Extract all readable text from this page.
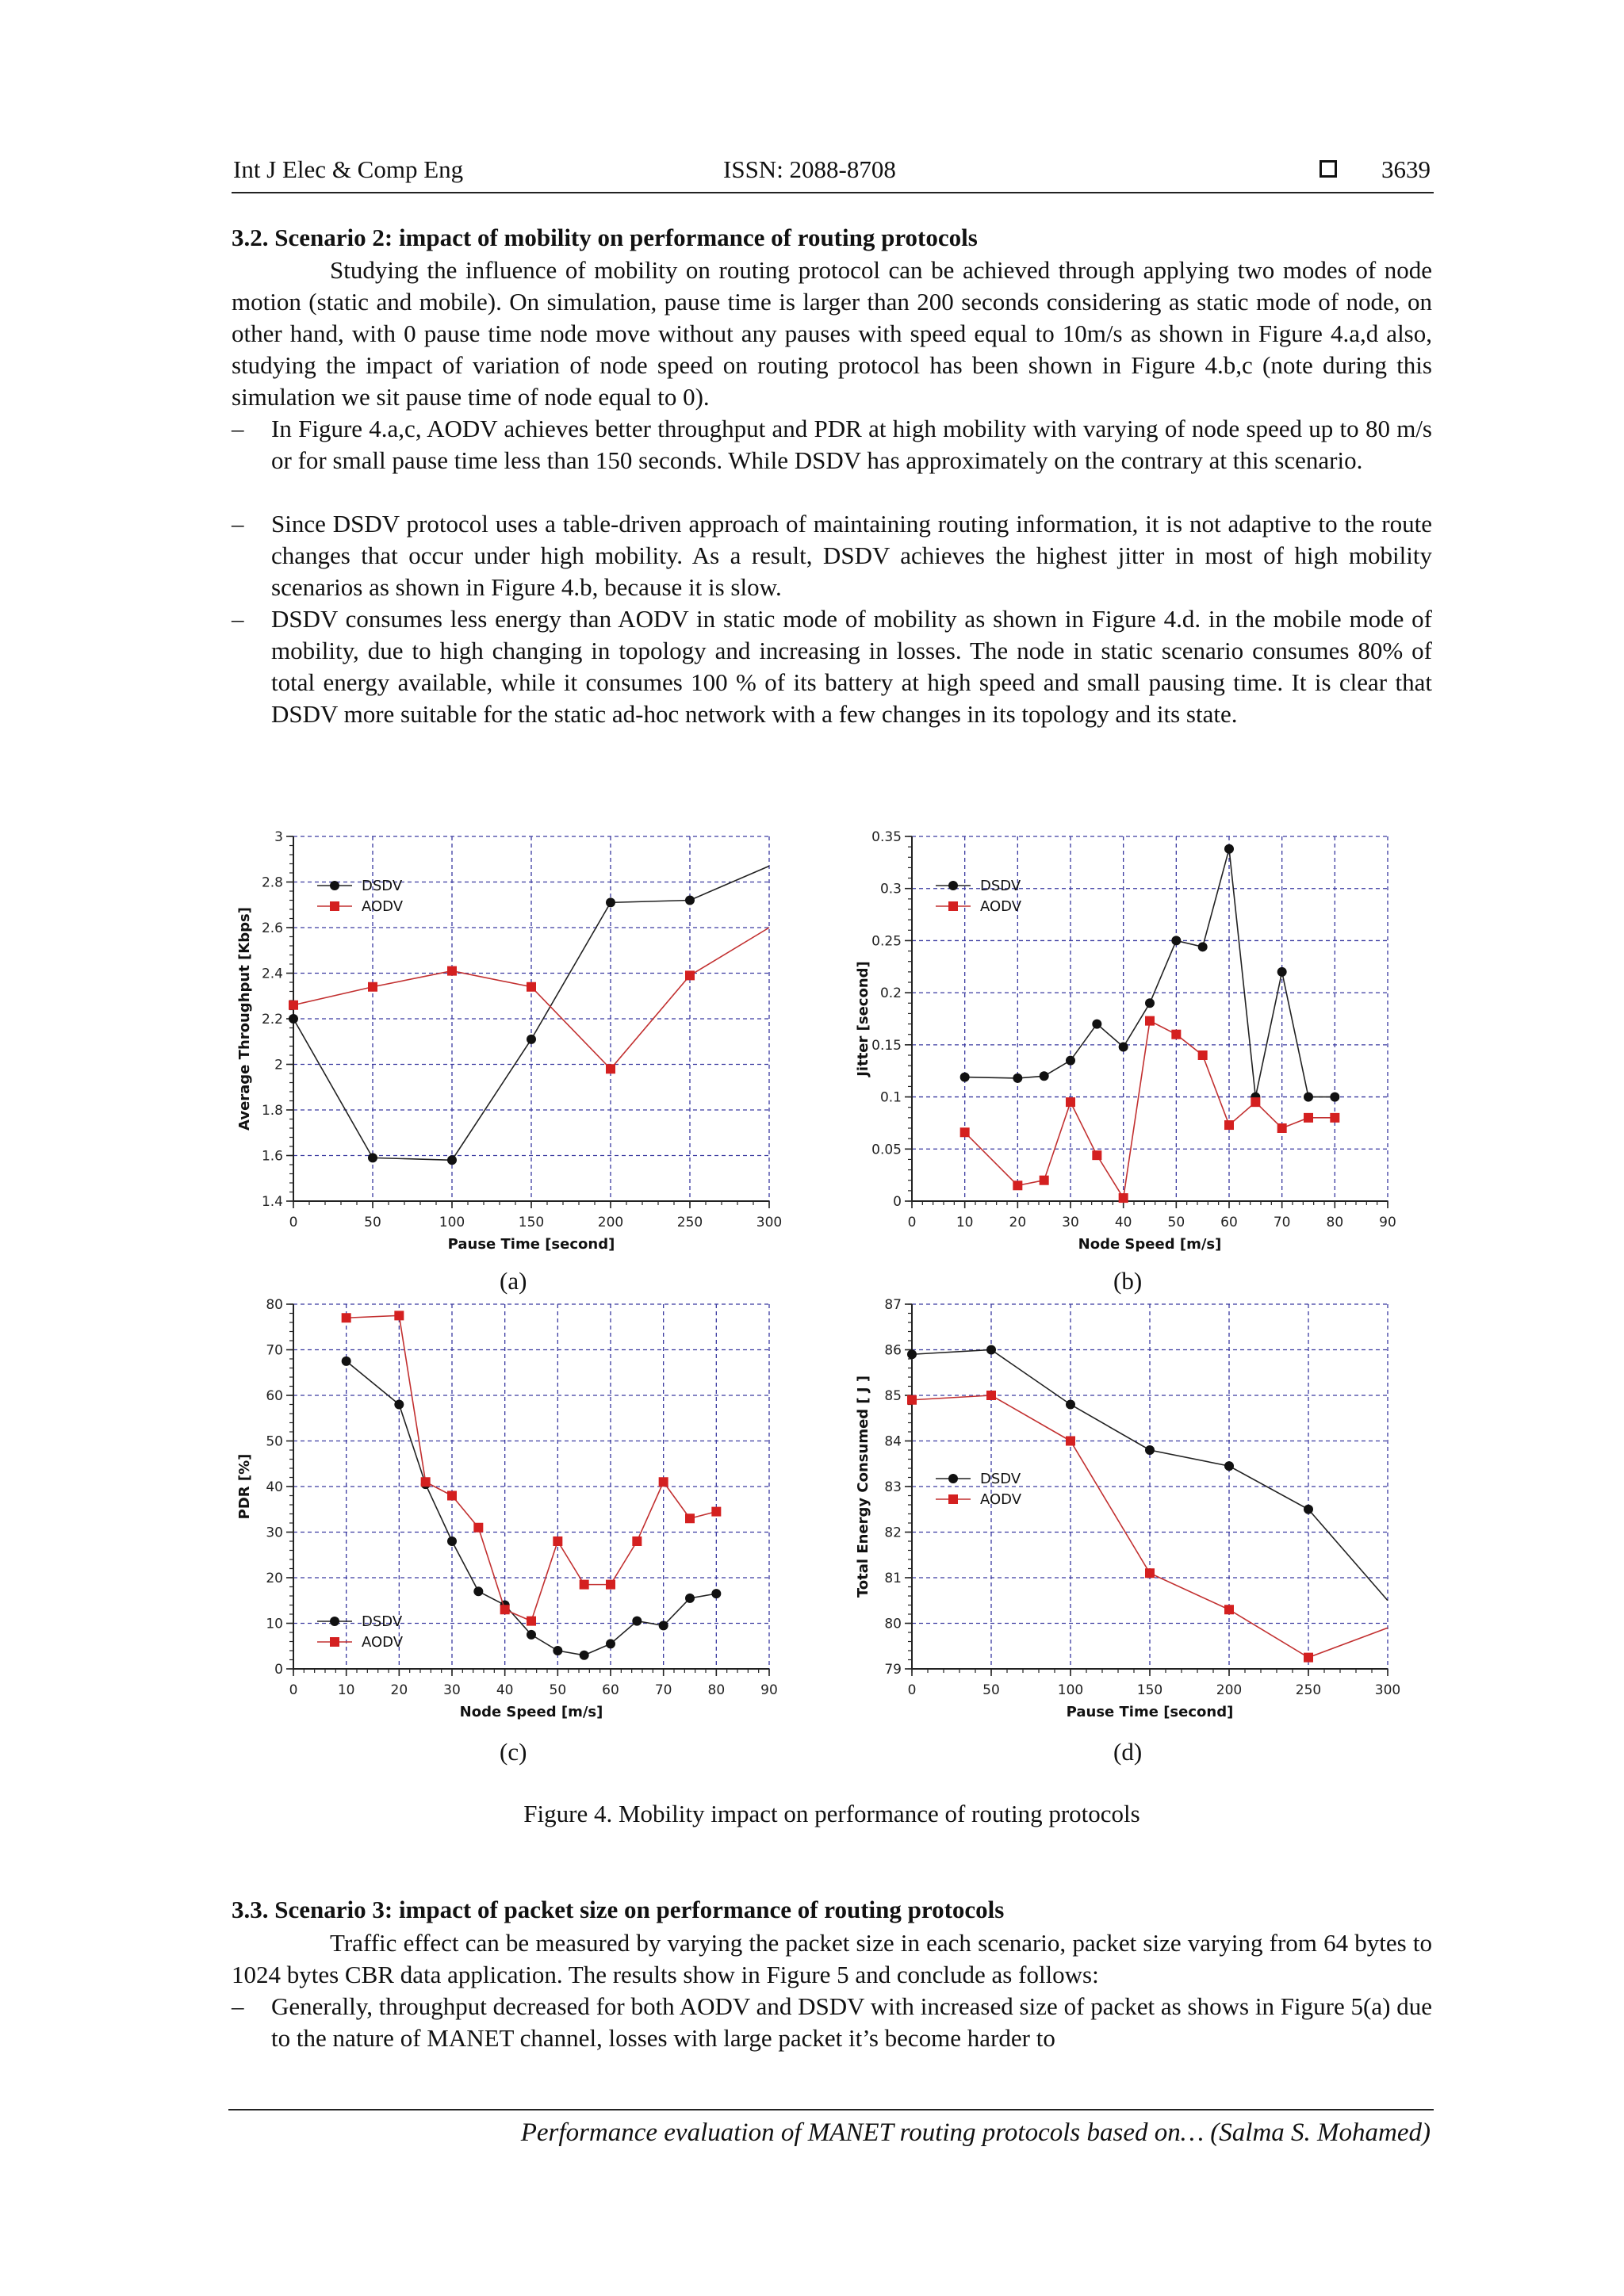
Int J Elec & Comp Eng	ISSN: 2088-8708	3639
3.2. Scenario 2: impact of mobility on performance of routing protocols
Studying the influence of mobility on routing protocol can be achieved through applying two modes of node motion (static and mobile). On simulation, pause time is larger than 200 seconds considering as static mode of node, on other hand, with 0 pause time node move without any pauses with speed equal to 10m/s as shown in Figure 4.a,d also, studying the impact of variation of node speed on routing protocol has been shown in Figure 4.b,c (note during this simulation we sit pause time of node equal to 0).
–	In Figure 4.a,c, AODV achieves better throughput and PDR at high mobility with varying of node speed up to 80 m/s or for small pause time less than 150 seconds. While DSDV has approximately on the contrary at this scenario.
–	Since DSDV protocol uses a table-driven approach of maintaining routing information, it is not adaptive to the route changes that occur under high mobility. As a result, DSDV achieves the highest jitter in most of high mobility scenarios as shown in Figure 4.b, because it is slow.
–	DSDV consumes less energy than AODV in static mode of mobility as shown in Figure 4.d. in the mobile mode of mobility, due to high changing in topology and increasing in losses. The node in static scenario consumes 80% of total energy available, while it consumes 100 % of its battery at high speed and small pausing time. It is clear that DSDV more suitable for the static ad-hoc network with a few changes in its topology and its state.
0	50	100	150	200	250	300
1.4
1.6
1.8
2
2.2
2.4
2.6
2.8
3
Pause Time [second]
Average Throughput [Kbps]
DSDV
AODV
0	10	20	30	40	50	60	70	80	90
0
0.05
0.1
0.15
0.2
0.25
0.3
0.35
Node Speed [m/s]
Jitter [second]
DSDV
AODV
0	10	20	30	40	50	60	70	80	90
0
10
20
30
40
50
60
70
80
Node Speed [m/s]
PDR [%]
DSDV
AODV
0	50	100	150	200	250	300
79
80
81
82
83
84
85
86
87
Pause Time [second]
Total Energy Consumed [ J ]	DSDV
AODV
(a)	(b)
(c)	(d)
Figure 4. Mobility impact on performance of routing protocols
3.3. Scenario 3: impact of packet size on performance of routing protocols
Traffic effect can be measured by varying the packet size in each scenario, packet size varying from 64 bytes to 1024 bytes CBR data application. The results show in Figure 5 and conclude as follows:
–	Generally, throughput decreased for both AODV and DSDV with increased size of packet as shows in Figure 5(a) due to the nature of MANET channel, losses with large packet it’s become harder to
Performance evaluation of MANET routing protocols based on… (Salma S. Mohamed)
